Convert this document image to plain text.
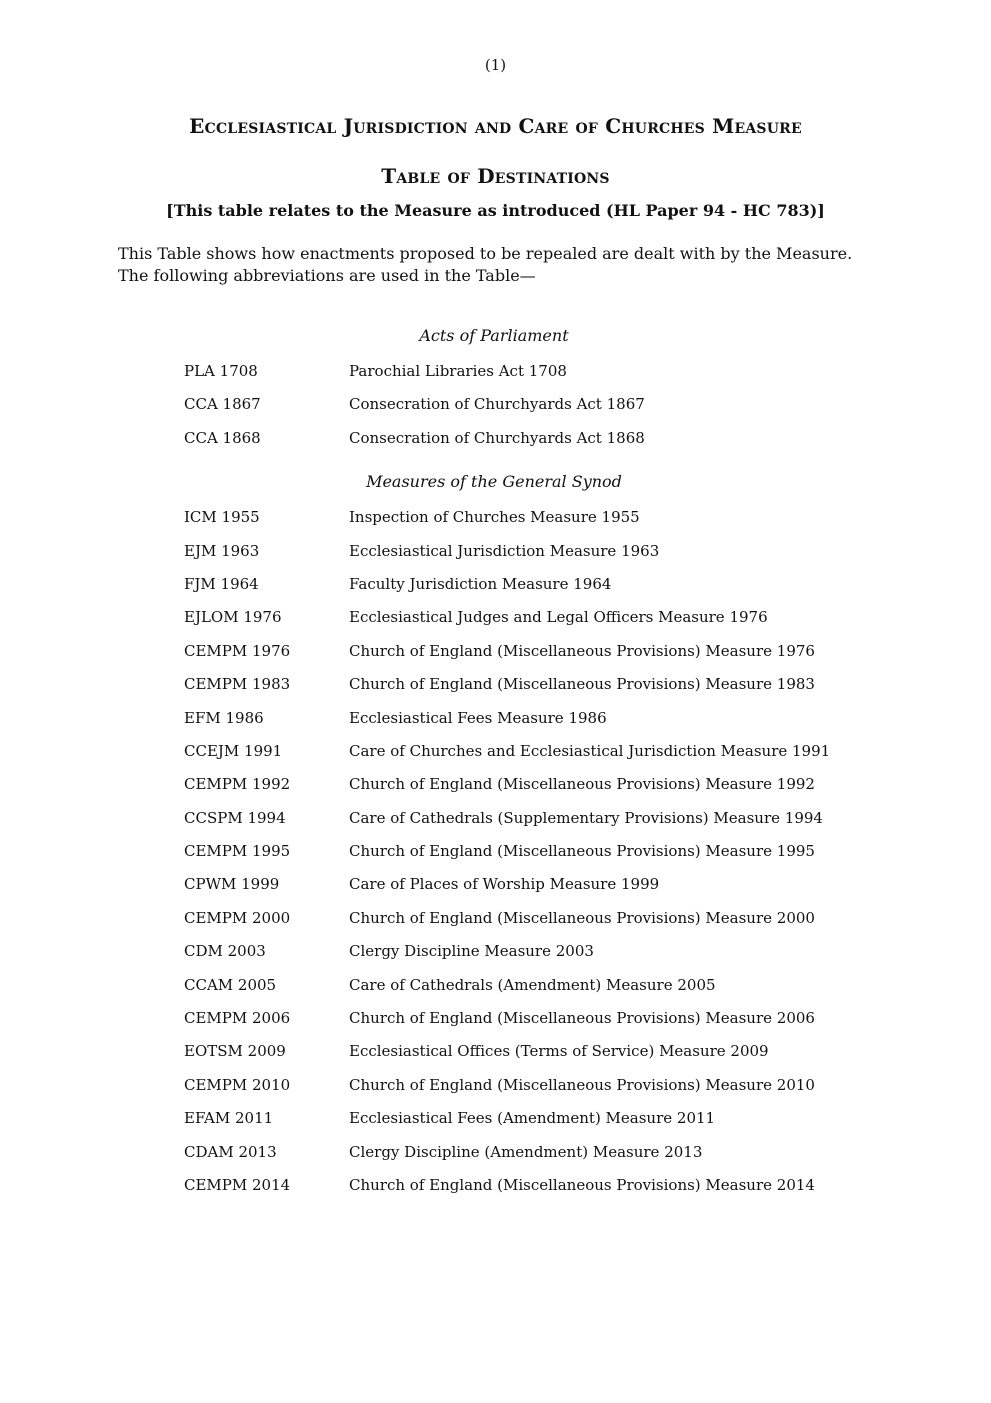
(1)
Ecclesiastical Jurisdiction and Care of Churches Measure
Table of Destinations
[This table relates to the Measure as introduced (HL Paper 94 - HC 783)]

This Table shows how enactments proposed to be repealed are dealt with by the Measure.

The following abbreviations are used in the Table—

Acts of Parliament
PLA 1708	Parochial Libraries Act 1708
CCA 1867	Consecration of Churchyards Act 1867
CCA 1868	Consecration of Churchyards Act 1868
Measures of the General Synod
ICM 1955	Inspection of Churches Measure 1955
EJM 1963	Ecclesiastical Jurisdiction Measure 1963
FJM 1964	Faculty Jurisdiction Measure 1964
EJLOM 1976	Ecclesiastical Judges and Legal Officers Measure 1976
CEMPM 1976	Church of England (Miscellaneous Provisions) Measure 1976
CEMPM 1983	Church of England (Miscellaneous Provisions) Measure 1983
EFM 1986	Ecclesiastical Fees Measure 1986
CCEJM 1991	Care of Churches and Ecclesiastical Jurisdiction Measure 1991
CEMPM 1992	Church of England (Miscellaneous Provisions) Measure 1992
CCSPM 1994	Care of Cathedrals (Supplementary Provisions) Measure 1994
CEMPM 1995	Church of England (Miscellaneous Provisions) Measure 1995
CPWM 1999	Care of Places of Worship Measure 1999
CEMPM 2000	Church of England (Miscellaneous Provisions) Measure 2000
CDM 2003	Clergy Discipline Measure 2003
CCAM 2005	Care of Cathedrals (Amendment) Measure 2005
CEMPM 2006	Church of England (Miscellaneous Provisions) Measure 2006
EOTSM 2009	Ecclesiastical Offices (Terms of Service) Measure 2009
CEMPM 2010	Church of England (Miscellaneous Provisions) Measure 2010
EFAM 2011	Ecclesiastical Fees (Amendment) Measure 2011
CDAM 2013	Clergy Discipline (Amendment) Measure 2013
CEMPM 2014	Church of England (Miscellaneous Provisions) Measure 2014
